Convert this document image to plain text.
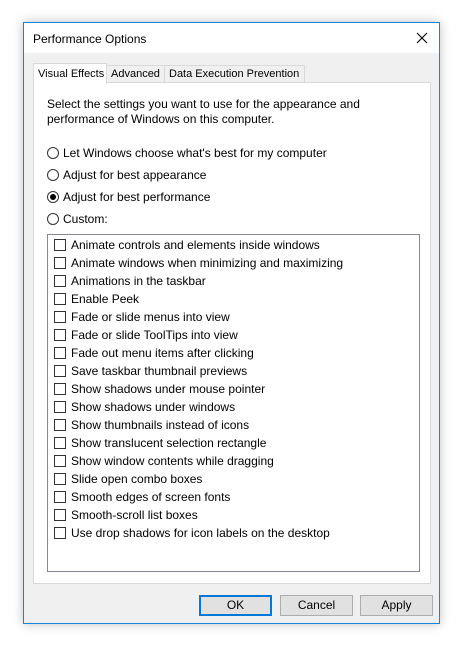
Performance Options
Visual Effects Advanced Data Execution Prevention
Select the settings you want to use for the appearance and performance of Windows on this computer.
Let Windows choose what's best for my computer
Adjust for best appearance
Adjust for best performance
Custom:
Animate controls and elements inside windows
Animate windows when minimizing and maximizing
Animations in the taskbar
Enable Peek
Fade or slide menus into view
Fade or slide ToolTips into view
Fade out menu items after clicking
Save taskbar thumbnail previews
Show shadows under mouse pointer
Show shadows under windows
Show thumbnails instead of icons
Show translucent selection rectangle
Show window contents while dragging
Slide open combo boxes
Smooth edges of screen fonts
Smooth-scroll list boxes
Use drop shadows for icon labels on the desktop
OK	Cancel	Apply
